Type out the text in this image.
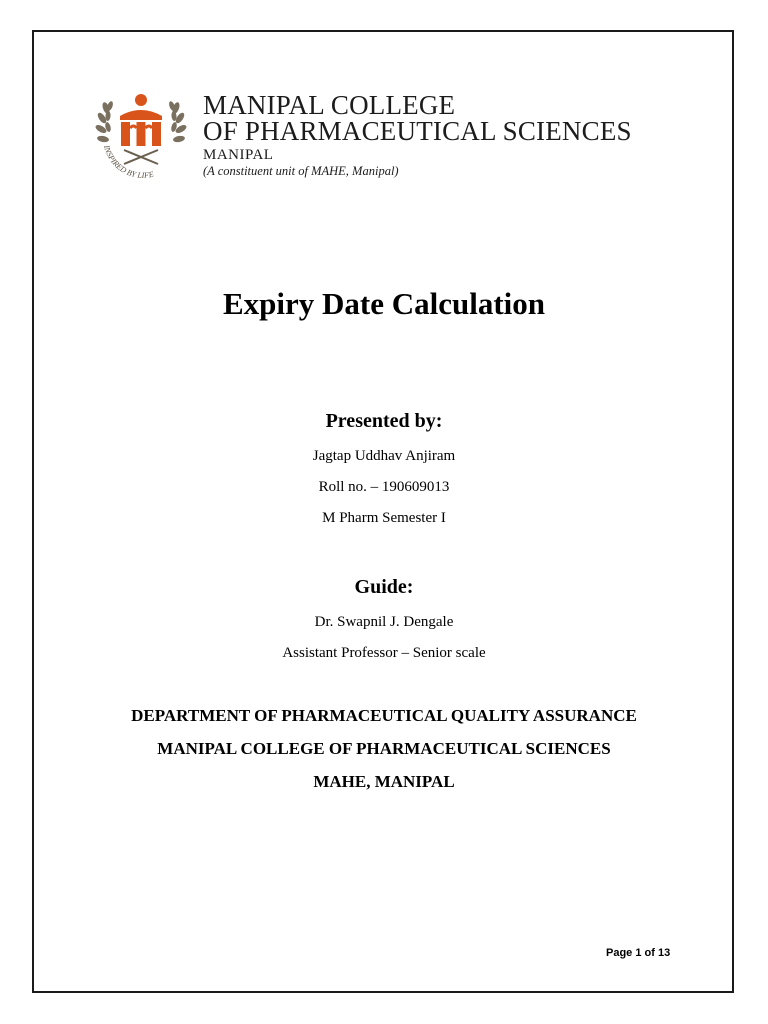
INSPIRED BY LIFE
MANIPAL COLLEGE
OF PHARMACEUTICAL SCIENCES
MANIPAL
(A constituent unit of MAHE, Manipal)
Expiry Date Calculation
Presented by:
Jagtap Uddhav Anjiram
Roll no. – 190609013
M Pharm Semester I
Guide:
Dr. Swapnil J. Dengale
Assistant Professor – Senior scale
DEPARTMENT OF PHARMACEUTICAL QUALITY ASSURANCE
MANIPAL COLLEGE OF PHARMACEUTICAL SCIENCES
MAHE, MANIPAL
Page 1 of 13
